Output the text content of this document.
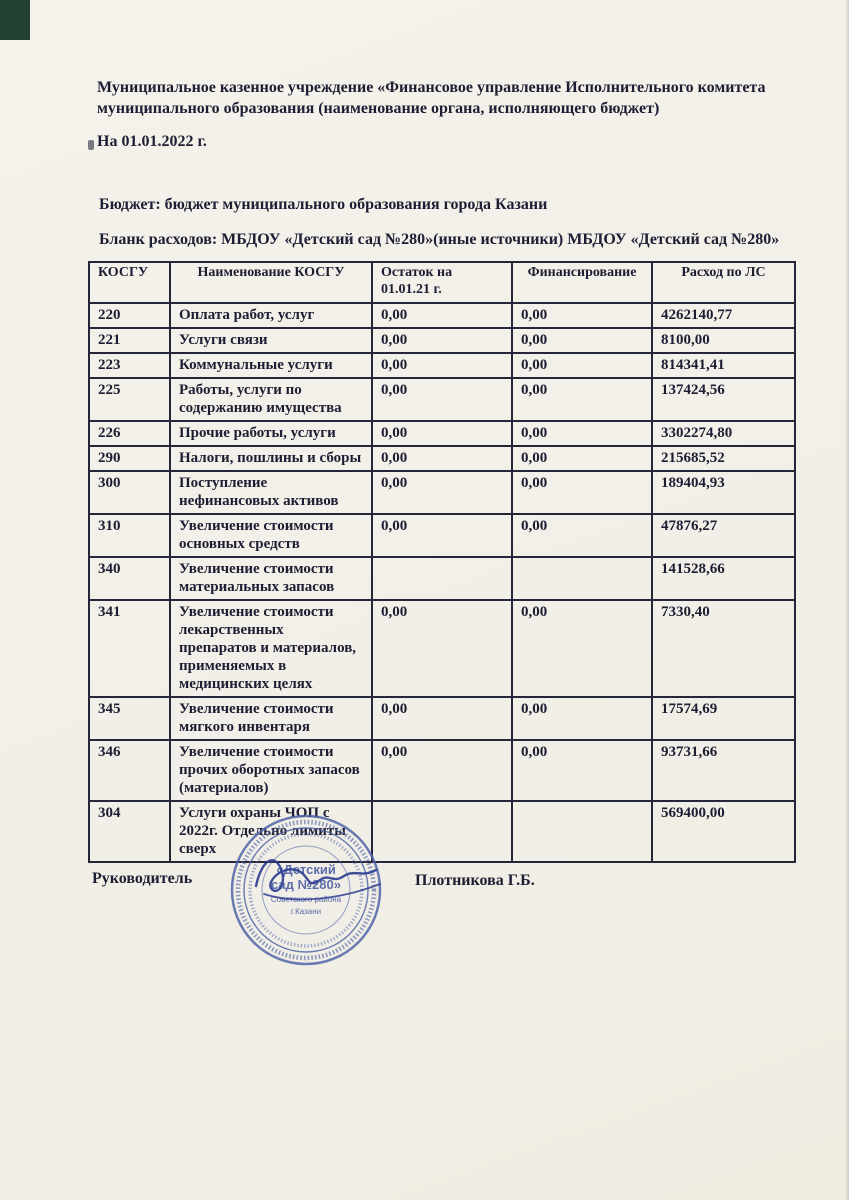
Муниципальное казенное учреждение «Финансовое управление Исполнительного комитета муниципального образования (наименование органа, исполняющего бюджет)

На 01.01.2022 г.

Бюджет: бюджет муниципального образования города Казани

Бланк расходов: МБДОУ «Детский сад №280»(иные источники) МБДОУ «Детский сад №280»

КОСГУ	Наименование КОСГУ	Остаток на 01.01.21 г.	Финансирование	Расход по ЛС
220	Оплата работ, услуг	0,00	0,00	4262140,77
221	Услуги связи	0,00	0,00	8100,00
223	Коммунальные услуги	0,00	0,00	814341,41
225	Работы, услуги по содержанию имущества	0,00	0,00	137424,56
226	Прочие работы, услуги	0,00	0,00	3302274,80
290	Налоги, пошлины и сборы	0,00	0,00	215685,52
300	Поступление нефинансовых активов	0,00	0,00	189404,93
310	Увеличение стоимости основных средств	0,00	0,00	47876,27
340	Увеличение стоимости материальных запасов			141528,66
341	Увеличение стоимости лекарственных препаратов и материалов, применяемых в медицинских целях	0,00	0,00	7330,40
345	Увеличение стоимости мягкого инвентаря	0,00	0,00	17574,69
346	Увеличение стоимости прочих оборотных запасов (материалов)	0,00	0,00	93731,66
304	Услуги охраны ЧОП с 2022г. Отдельно лимиты сверх			569400,00
Руководитель
«Детский
сад №280»
Советского района
г.Казани
Плотникова Г.Б.
